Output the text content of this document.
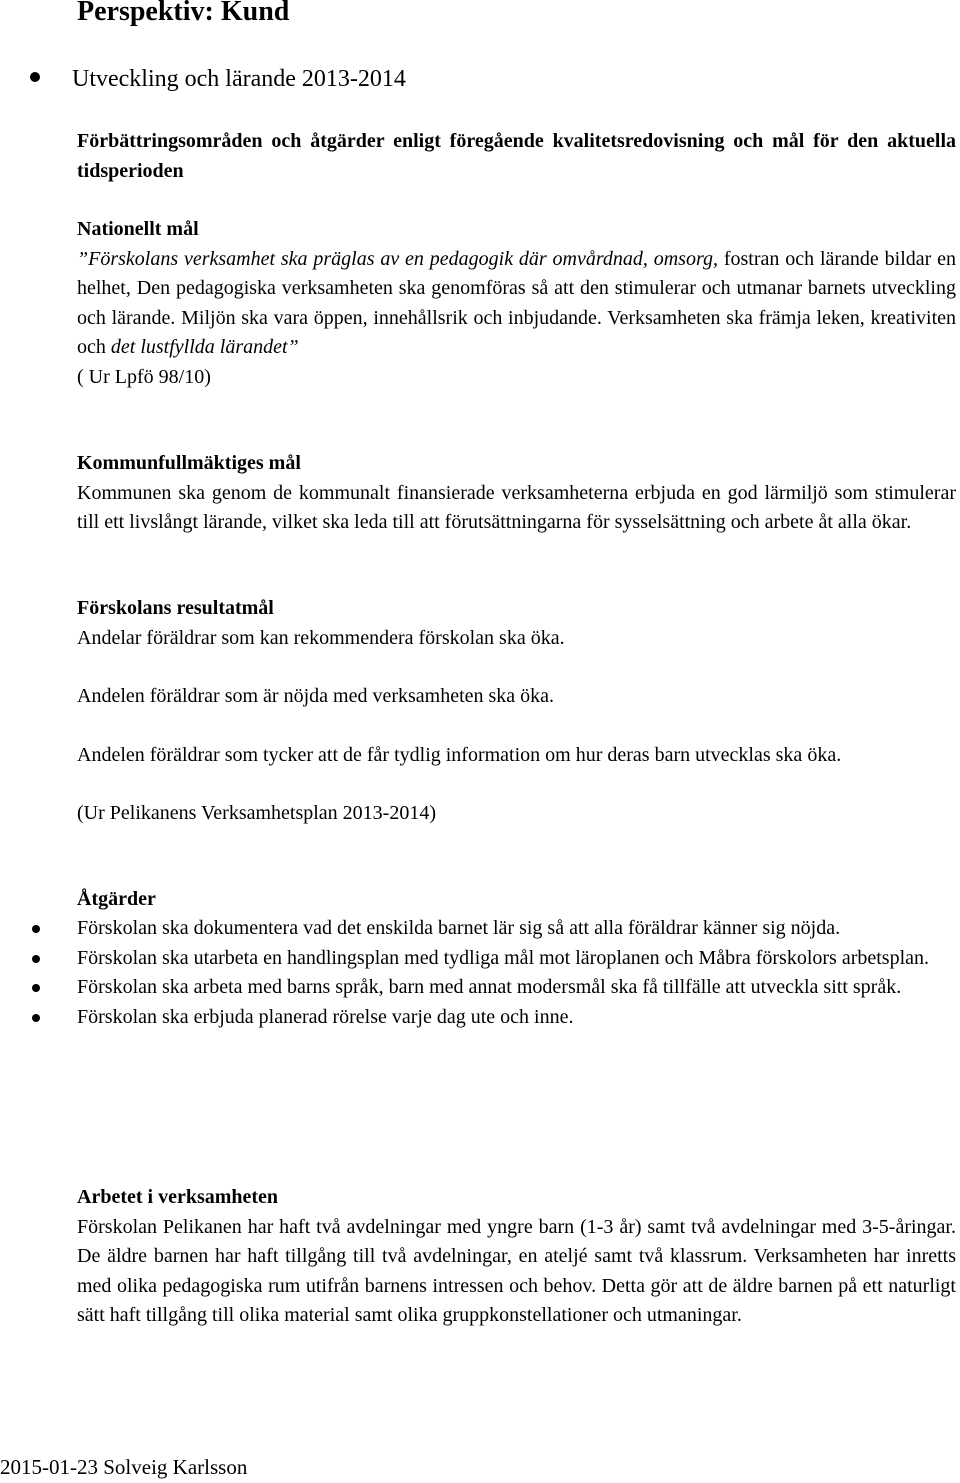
Perspektiv: Kund
Utveckling och lärande 2013-2014
Förbättringsområden och åtgärder enligt föregående kvalitetsredovisning och mål för den aktuella tidsperioden
Nationellt mål
”Förskolans verksamhet ska präglas av en pedagogik där omvårdnad, omsorg, fostran och lärande bildar en helhet, Den pedagogiska verksamheten ska genomföras så att den stimulerar och utmanar barnets utveckling och lärande. Miljön ska vara öppen, innehållsrik och inbjudande. Verksamheten ska främja leken, kreativiten och det lustfyllda lärandet”
( Ur Lpfö 98/10)
Kommunfullmäktiges mål
Kommunen ska genom de kommunalt finansierade verksamheterna erbjuda en god lärmiljö som stimulerar till ett livslångt lärande, vilket ska leda till att förutsättningarna för sysselsättning och arbete åt alla ökar.
Förskolans resultatmål
Andelar föräldrar som kan rekommendera förskolan ska öka.
Andelen föräldrar som är nöjda med verksamheten ska öka.
Andelen föräldrar som tycker att de får tydlig information om hur deras barn utvecklas ska öka.
(Ur Pelikanens Verksamhetsplan 2013-2014)
Åtgärder
Förskolan ska dokumentera vad det enskilda barnet lär sig så att alla föräldrar känner sig nöjda.
Förskolan ska utarbeta en handlingsplan med tydliga mål mot läroplanen och Måbra förskolors arbetsplan.
Förskolan ska arbeta med barns språk, barn med annat modersmål ska få tillfälle att utveckla sitt språk.
Förskolan ska erbjuda planerad rörelse varje dag ute och inne.
Arbetet i verksamheten
Förskolan Pelikanen har haft två avdelningar med yngre barn (1-3 år) samt två avdelningar med 3-5-åringar. De äldre barnen har haft tillgång till två avdelningar, en ateljé samt två klassrum. Verksamheten har inretts med olika pedagogiska rum utifrån barnens intressen och behov. Detta gör att de äldre barnen på ett naturligt sätt haft tillgång till olika material samt olika gruppkonstellationer och utmaningar.
2015-01-23 Solveig Karlsson
